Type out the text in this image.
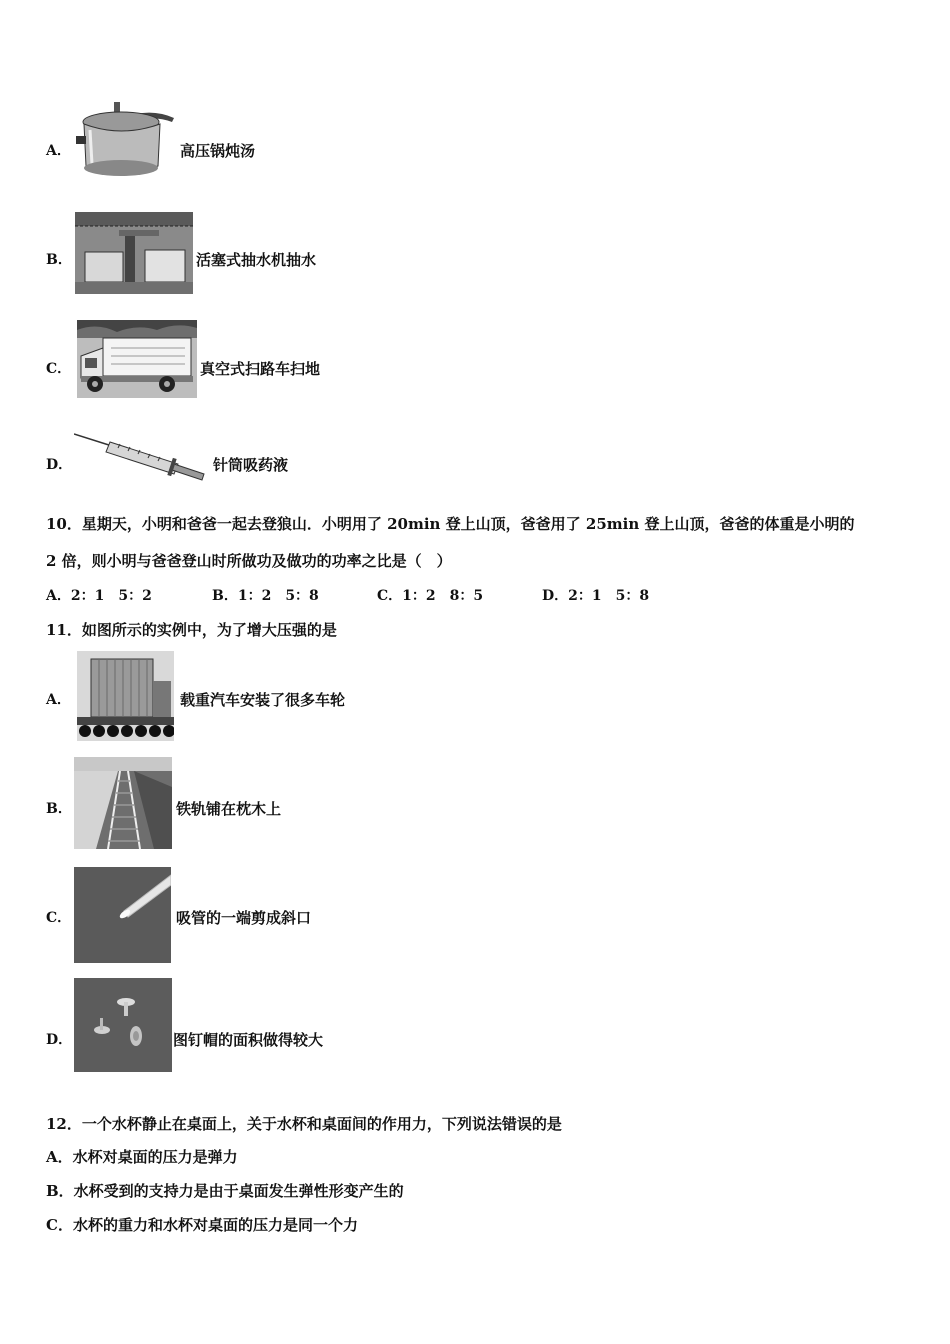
A．	高压锅炖汤
B．	活塞式抽水机抽水
C．	真空式扫路车扫地
D．	针筒吸药液
10．星期天，小明和爸爸一起去登狼山．小明用了 20min 登上山顶，爸爸用了 25min 登上山顶，爸爸的体重是小明的
2 倍，则小明与爸爸登山时所做功及做功的功率之比是（　）
A．2：1　5：2	B．1：2　5：8	C．1：2　8：5	D．2：1　5：8
11．如图所示的实例中，为了增大压强的是
A．	载重汽车安装了很多车轮
B．	铁轨铺在枕木上
C．	吸管的一端剪成斜口
D．	图钉帽的面积做得较大
12．一个水杯静止在桌面上，关于水杯和桌面间的作用力，下列说法错误的是
A．水杯对桌面的压力是弹力
B．水杯受到的支持力是由于桌面发生弹性形变产生的
C．水杯的重力和水杯对桌面的压力是同一个力
